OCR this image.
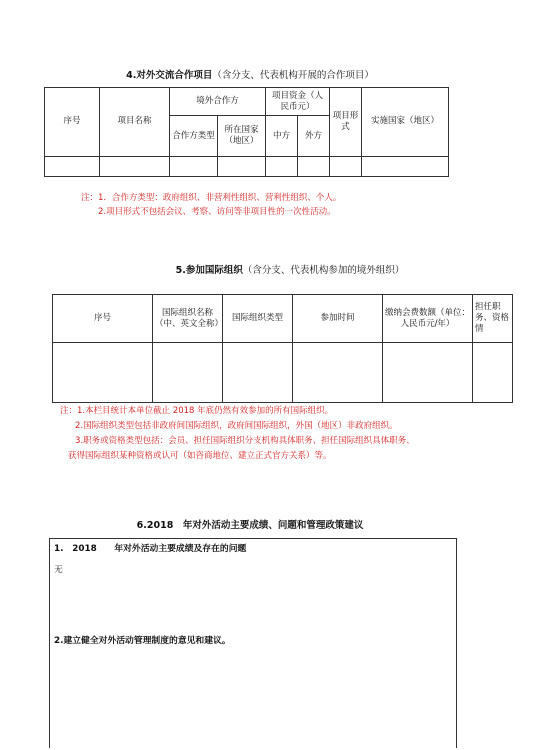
4.对外交流合作项目（含分支、代表机构开展的合作项目）
序号	项目名称	境外合作方		项目资金（人民币元）		项目形式	实施国家（地区）
		合作方类型	所在国家（地区）	中方	外方		

注：1．合作方类型：政府组织、非营利性组织、营利性组织、个人。
2.项目形式不包括会议、考察、访问等非项目性的一次性活动。
5.参加国际组织（含分支、代表机构参加的境外组织）
序号	国际组织名称（中、英文全称）	国际组织类型	参加时间	缴纳会费数额（单位：人民币元/年）	担任职务、资格情

注：1.本栏目统计本单位截止 2018 年底仍然有效参加的所有国际组织。
2.国际组织类型包括非政府间国际组织，政府间国际组织，外国（地区）非政府组织。
3.职务或资格类型包括：会员、担任国际组织分支机构具体职务、担任国际组织具体职务、
获得国际组织某种资格或认可（如咨商地位、建立正式官方关系）等。
6.2018　年对外活动主要成绩、问题和管理政策建议
1.　2018　　年对外活动主要成绩及存在的问题
无
2.建立健全对外活动管理制度的意见和建议。
